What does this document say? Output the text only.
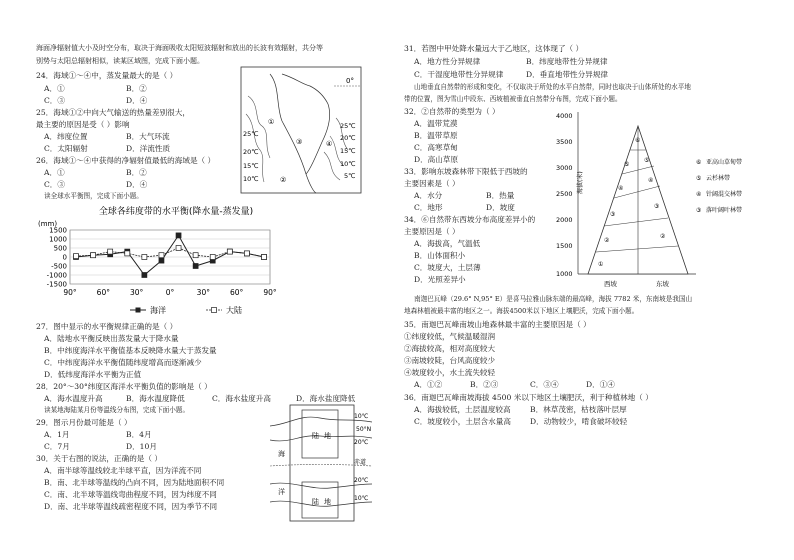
海面净辐射值大小及时空分布，取决于海面吸收太阳短波辐射和放出的长波有效辐射，共分等
别势与太阳总辐射相似，读某区域图，完成下面小题。
24．海域①～④中，蒸发量最大的是（ ）
A．①	B．②
C．③	D．④
25．海域①②中向大气输送的热量差别很大，
最主要的原因是受（ ）影响
A．纬度位置	B．大气环流
C．太阳辐射	D．洋流性质
26．海域①～④中获得的净辐射值最低的海域是（ ）
A．①	B．②
C．③	D．④
读全球水平衡图，完成下面小题。
0°
25℃
20℃
15℃
10℃	5℃
25℃
20℃
15℃
10℃
①
②
③	④
全球各纬度带的水平衡(降水量-蒸发量)
(mm)
1500
1000
500
0
-500
-1000
-1500
90°	60°	30°	0°	30°	60°	90°
海洋	大陆
27．图中显示的水平衡规律正确的是（ ）
A．陆地水平衡反映出蒸发量大于降水量
B．中纬度海洋水平衡值基本反映降水量大于蒸发量
C．中纬度海洋水平衡值随纬度增高而逐渐减少
D．低纬度海洋水平衡为正值
28．20°～30°纬度区海洋水平衡负值的影响是（ ）
A．海水温度升高	B．海水温度降低	C．海水盐度升高	D．海水盐度降低
读某地海陆某月份等温线分布图，完成下面小题。
29．图示月份最可能是（ ）
A．1月	B．4月
C．7月	D．10月
30．关于右图的说法，正确的是（ ）
A．南半球等温线较北半球平直，因为洋流不同
B．南、北半球等温线的凸向不同，因为陆地面积不同
C．南、北半球等温线弯曲程度不同，因为纬度不同
D．南、北半球等温线疏密程度不同，因为季节不同
10℃
50°N
20℃
赤道
20℃
10℃
海
洋
陆 地
陆 地
31．若图中甲处降水量远大于乙地区，这体现了（ ）
A．地方性分异规律	B．纬度地带性分异规律
C．干湿度地带性分异规律	D．垂直地带性分异规律
山地垂直自然带的形成和变化，不仅取决于所处的水平自然带，同时也取决于山体所处的水平地
带的位置，图为雪山中段东、西坡植被垂直自然带分布图，完成下面小题。
32．②自然带的类型为（ ）
A．温带荒漠
B．温带草原
C．高寒草甸
D．高山草原
33．影响东坡森林带下限低于西坡的
主要因素是（ ）
A．水分	B．热量
C．地形	D．坡度
34．⑥自然带东西坡分布高度差异小的
主要原因是（ ）
A．海拔高，气温低
B．山体面积小
C．坡度大，土层薄
D．光照差异小
海拔(米)
4000
3500
3000
2500
2000
1500
1000
⑥
⑤
④
③
②
①
⑤
④
③
②
西坡	东坡
⑥ 亚高山草甸带
⑤ 云杉林带
④ 针阔混交林带
③ 落叶阔叶林带
南迦巴瓦峰（29.6° N,95° E）是喜马拉雅山脉东端的最高峰，海拔 7782 米，东南坡是我国山
地森林植被最丰富的地区之一。海拔4500米以下地区上壤肥沃，完成下面小题。
35．南迦巴瓦峰南坡山地森林最丰富的主要原因是（ ）
①纬度较低，气候温暖湿润
②海拔较高，相对高度较大
③南坡较陡，台风高度较少
④坡度较小，水土流失较轻
A．①②	B．②③	C．③④	D．①④
36．南迦巴瓦峰南坡海拔 4500 米以下地区土壤肥沃，利于种植林地（ ）
A．海拔较低，土层温度较高	B．林草茂密，枯枝落叶层厚
C．坡度较小，土层含水量高	D．动物较少，啃食破坏较轻
